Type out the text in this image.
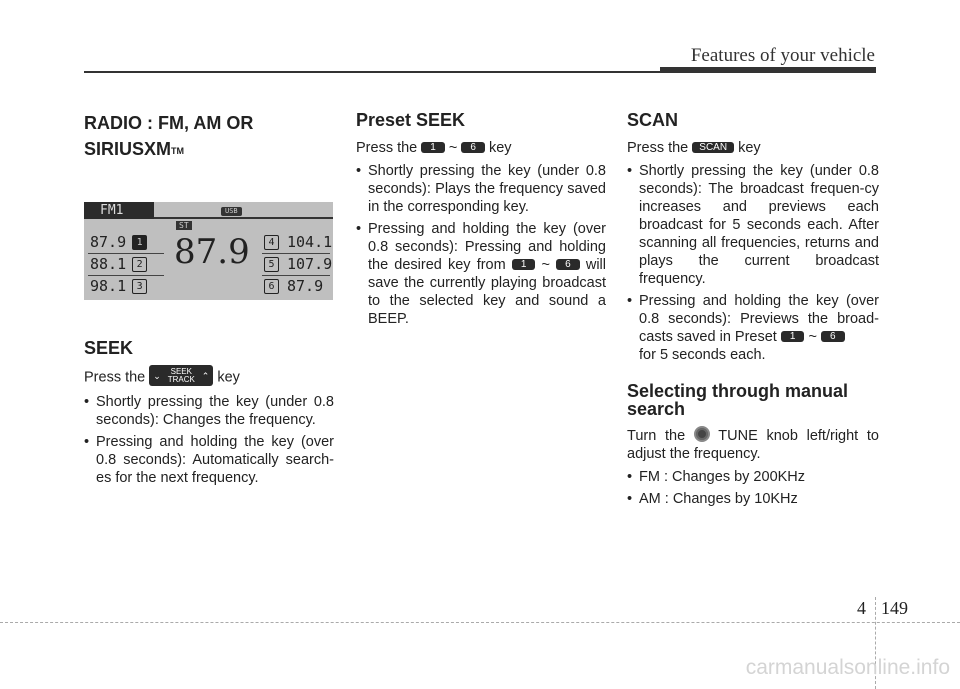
Features of your vehicle
RADIO : FM, AM OR
SIRIUSXM™
FM1	USB
ST
87.9
87.9 1
88.1 2
98.1 3
4 104.1
5 107.9
6 87.9
SEEK

Press the ⌄	SEEK
TRACK ⌃ key

• Shortly pressing the key (under 0.8 seconds): Changes the frequency.
• Pressing and holding the key (over 0.8 seconds): Automatically search-es for the next frequency.
Preset SEEK

Press the 1 ~ 6 key

• Shortly pressing the key (under 0.8 seconds): Plays the frequency saved in the corresponding key.
• Pressing and holding the key (over 0.8 seconds): Pressing and holding the desired key from 1 ~ 6 will save the currently playing broadcast to the selected key and sound a BEEP.
SCAN

Press the SCAN key

• Shortly pressing the key (under 0.8 seconds): The broadcast frequen-cy increases and previews each broadcast for 5 seconds each. After scanning all frequencies, returns and plays the current broadcast frequency.
• Pressing and holding the key (over 0.8 seconds): Previews the broad-casts saved in Preset 1 ~ 6
for 5 seconds each.
Selecting through manual search

Turn the TUNE knob left/right to adjust the frequency.

• FM : Changes by 200KHz
• AM : Changes by 10KHz
4 149
carmanualsonline.info
